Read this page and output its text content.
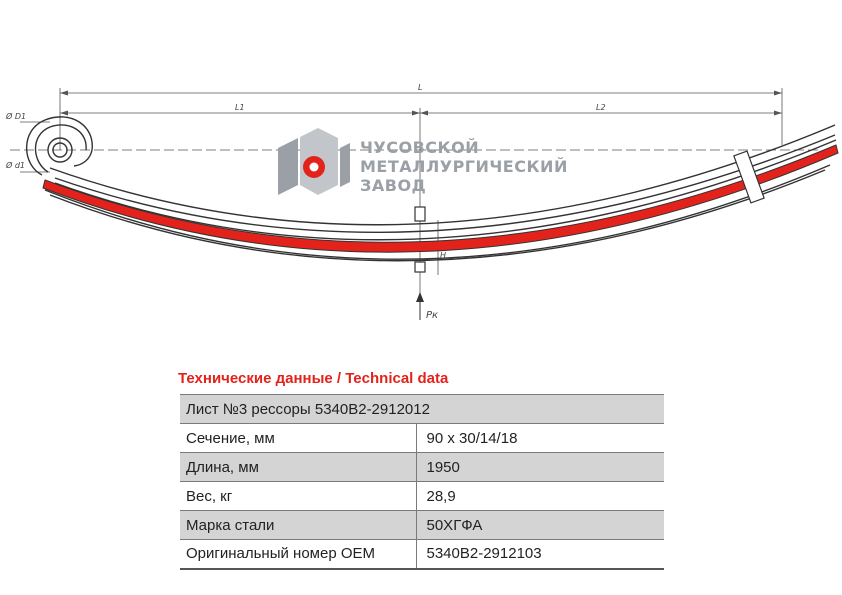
L
L1	L2
Ø D1
Ø d1
H
Pк
ЧУСОВСКОЙ
МЕТАЛЛУРГИЧЕСКИЙ
ЗАВОД
Технические данные / Technical data
Лист №3 рессоры 5340В2-2912012	
Сечение, мм	90 х 30/14/18
Длина, мм	1950
Вес, кг	28,9
Марка стали	50ХГФА
Оригинальный номер OEM	5340В2-2912103
